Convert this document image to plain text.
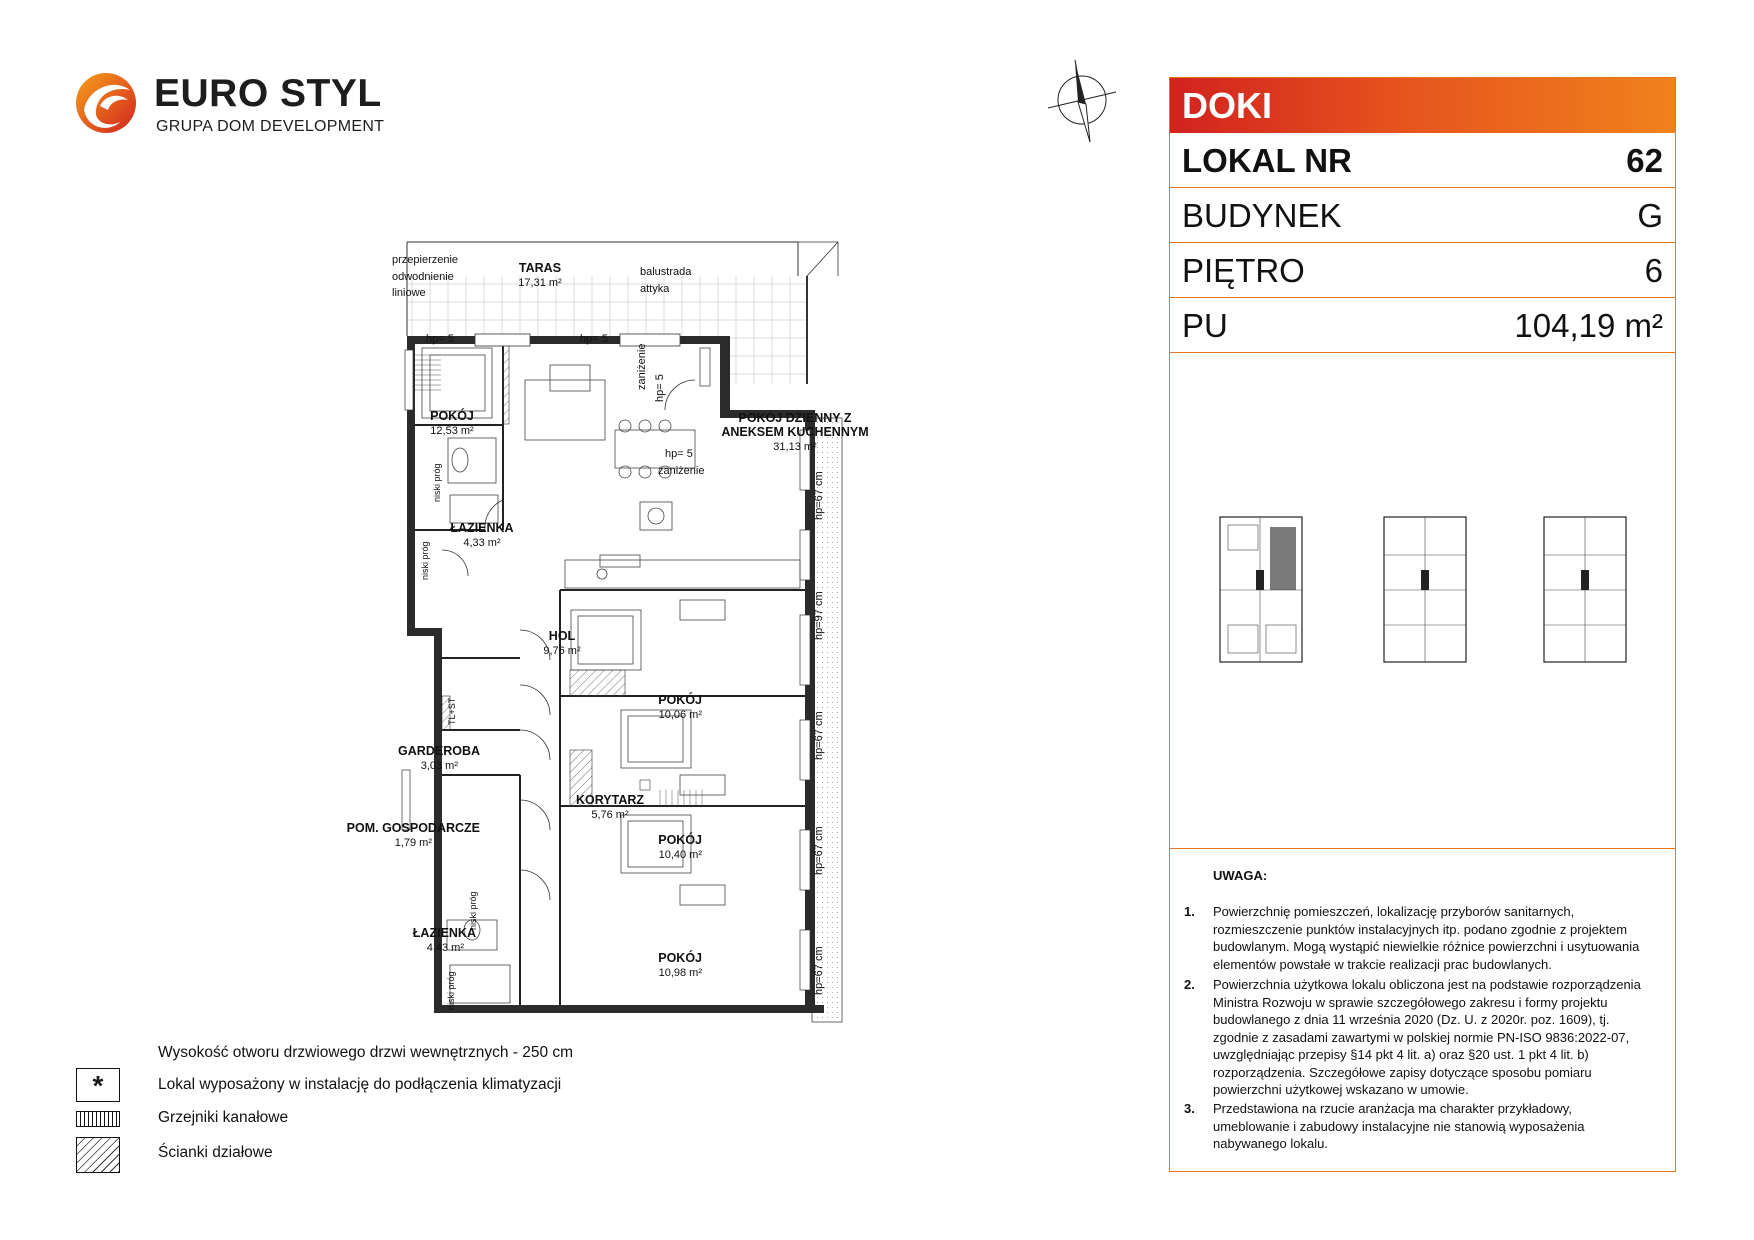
EURO STYL
GRUPA DOM DEVELOPMENT
TARAS
17,31 m²
przepierzenie
odwodnienie
liniowe
balustrada
attyka
hp= 5	hp= 5
hp= 5
zaniżenie
zaniżenie hp= 5
POKÓJ
12,53 m²
POKÓJ DZIENNY Z
ANEKSEM KUCHENNYM
31,13 m²
ŁAZIENKA
4,33 m²
HOL
9,76 m²
POKÓJ
10,06 m²
GARDEROBA
3,03 m²
KORYTARZ
5,76 m²
POM. GOSPODARCZE
1,79 m²	POKÓJ
10,40 m²
ŁAZIENKA
4,43 m²
POKÓJ
10,98 m²
hp=67 cm
hp=97 cm
hp=67 cm
hp=67 cm
hp=67 cm
niski próg
niski próg
niski próg
niski próg
TL+ST
DOKI
LOKAL NR	62
BUDYNEK	G
PIĘTRO	6
PU	104,19 m²
UWAGA:
1. Powierzchnię pomieszczeń, lokalizację przyborów sanitarnych,
rozmieszczenie punktów instalacyjnych itp. podano zgodnie z projektem
budowlanym. Mogą wystąpić niewielkie różnice powierzchni i usytuowania
elementów powstałe w trakcie realizacji prac budowlanych.
2. Powierzchnia użytkowa lokalu obliczona jest na podstawie rozporządzenia
Ministra Rozwoju w sprawie szczegółowego zakresu i formy projektu
budowlanego z dnia 11 września 2020 (Dz. U. z 2020r. poz. 1609), tj.
zgodnie z zasadami zawartymi w polskiej normie PN-ISO 9836:2022-07,
uwzględniając przepisy §14 pkt 4 lit. a) oraz §20 ust. 1 pkt 4 lit. b)
rozporządzenia. Szczegółowe zapisy dotyczące sposobu pomiaru
powierzchni użytkowej wskazano w umowie.
3. Przedstawiona na rzucie aranżacja ma charakter przykładowy,
umeblowanie i zabudowy instalacyjne nie stanowią wyposażenia
nabywanego lokalu.
Wysokość otworu drzwiowego drzwi wewnętrznych - 250 cm
*	Lokal wyposażony w instalację do podłączenia klimatyzacji
Grzejniki kanałowe
Ścianki działowe
